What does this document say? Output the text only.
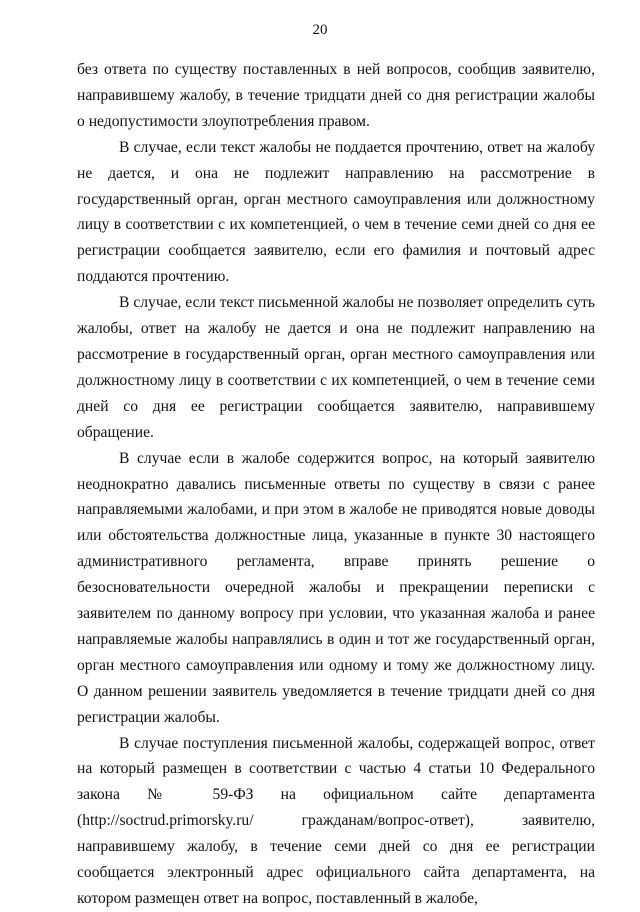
20

без ответа по существу поставленных в ней вопросов, сообщив заявителю, направившему жалобу, в течение тридцати дней со дня регистрации жалобы о недопустимости злоупотребления правом.

В случае, если текст жалобы не поддается прочтению, ответ на жалобу не дается, и она не подлежит направлению на рассмотрение в государственный орган, орган местного самоуправления или должностному лицу в соответствии с их компетенцией, о чем в течение семи дней со дня ее регистрации сообщается заявителю, если его фамилия и почтовый адрес поддаются прочтению.

В случае, если текст письменной жалобы не позволяет определить суть жалобы, ответ на жалобу не дается и она не подлежит направлению на рассмотрение в государственный орган, орган местного самоуправления или должностному лицу в соответствии с их компетенцией, о чем в течение семи дней со дня ее регистрации сообщается заявителю, направившему обращение.

В случае если в жалобе содержится вопрос, на который заявителю неоднократно давались письменные ответы по существу в связи с ранее направляемыми жалобами, и при этом в жалобе не приводятся новые доводы или обстоятельства должностные лица, указанные в пункте 30 настоящего административного регламента, вправе принять решение о безосновательности очередной жалобы и прекращении переписки с заявителем по данному вопросу при условии, что указанная жалоба и ранее направляемые жалобы направлялись в один и тот же государственный орган, орган местного самоуправления или одному и тому же должностному лицу. О данном решении заявитель уведомляется в течение тридцати дней со дня регистрации жалобы.

В случае поступления письменной жалобы, содержащей вопрос, ответ на который размещен в соответствии с частью 4 статьи 10 Федерального закона № 59-ФЗ на официальном сайте департамента (http://soctrud.primorsky.ru/ гражданам/вопрос-ответ), заявителю, направившему жалобу, в течение семи дней со дня ее регистрации сообщается электронный адрес официального сайта департамента, на котором размещен ответ на вопрос, поставленный в жалобе,
